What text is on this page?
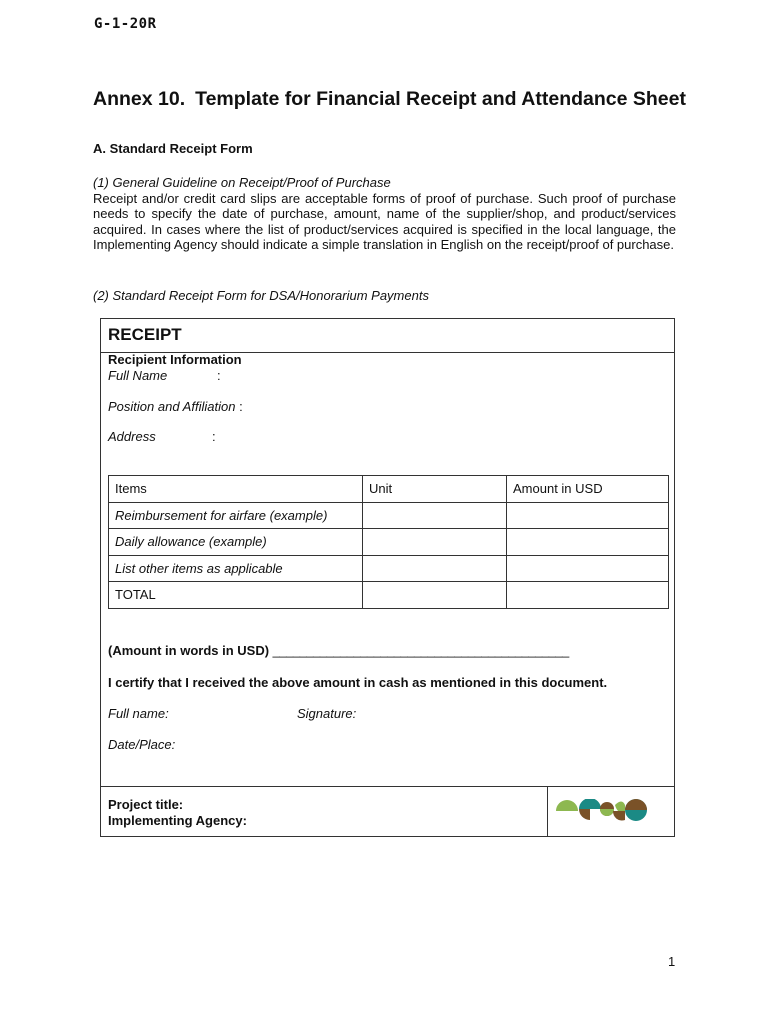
G-1-20R
Annex 10. Template for Financial Receipt and Attendance Sheet
A. Standard Receipt Form
(1) General Guideline on Receipt/Proof of Purchase
Receipt and/or credit card slips are acceptable forms of proof of purchase. Such proof of purchase needs to specify the date of purchase, amount, name of the supplier/shop, and product/services acquired. In cases where the list of product/services acquired is specified in the local language, the Implementing Agency should indicate a simple translation in English on the receipt/proof of purchase.
(2) Standard Receipt Form for DSA/Honorarium Payments
RECEIPT
Recipient Information
Full Name	:
Position and Affiliation :
Address	:
Items	Unit	Amount in USD
Reimbursement for airfare (example)		
Daily allowance (example)		
List other items as applicable		
TOTAL		
(Amount in words in USD) ____________________________________________
I certify that I received the above amount in cash as mentioned in this document.
Full name:	Signature:
Date/Place:
Project title:
Implementing Agency:
1
